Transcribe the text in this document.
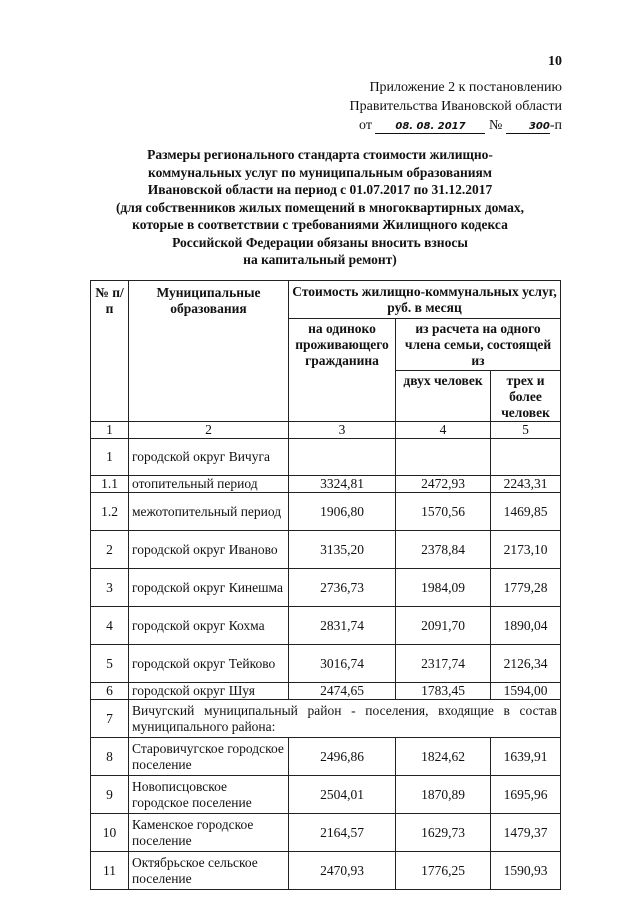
10
Приложение 2 к постановлению
Правительства Ивановской области
от 08. 08. 2017 №	300-п
Размеры регионального стандарта стоимости жилищно-
коммунальных услуг по муниципальным образованиям
Ивановской области на период с 01.07.2017 по 31.12.2017
(для собственников жилых помещений в многоквартирных домах,
которые в соответствии с требованиями Жилищного кодекса
Российской Федерации обязаны вносить взносы
на капитальный ремонт)
№ п/п	Муниципальные образования	Стоимость жилищно-коммунальных услуг, руб. в месяц		
		на одиноко проживающего гражданина	из расчета на одного члена семьи, состоящей из	
			двух человек	трех и более человек
1	2	3	4	5
1	городской округ Вичуга			
1.1	отопительный период	3324,81	2472,93	2243,31
1.2	межотопительный период	1906,80	1570,56	1469,85
2	городской округ Иваново	3135,20	2378,84	2173,10
3	городской округ Кинешма	2736,73	1984,09	1779,28
4	городской округ Кохма	2831,74	2091,70	1890,04
5	городской округ Тейково	3016,74	2317,74	2126,34
6	городской округ Шуя	2474,65	1783,45	1594,00
7	Вичугский муниципальный район - поселения, входящие в состав муниципального района:			
8	Старовичугское городское поселение	2496,86	1824,62	1639,91
9	Новописцовское городское поселение	2504,01	1870,89	1695,96
10	Каменское городское поселение	2164,57	1629,73	1479,37
11	Октябрьское сельское поселение	2470,93	1776,25	1590,93
